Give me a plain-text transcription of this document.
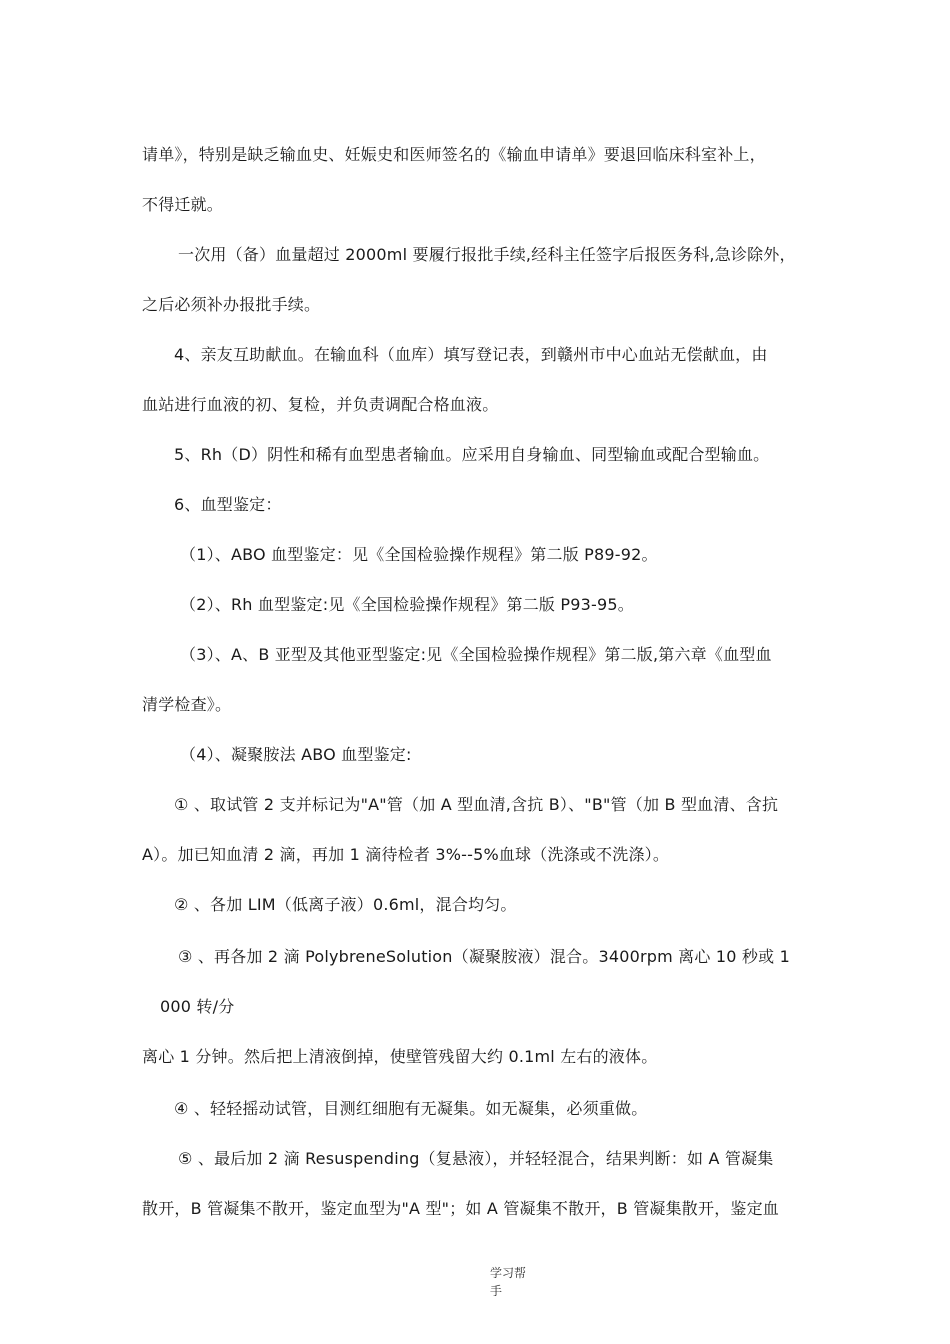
请单》，特别是缺乏输血史、妊娠史和医师签名的《输血申请单》要退回临床科室补上，
不得迁就。
一次用（备）血量超过 2000ml 要履行报批手续,经科主任签字后报医务科,急诊除外，
之后必须补办报批手续。
4、亲友互助献血。在输血科（血库）填写登记表，到赣州市中心血站无偿献血，由
血站进行血液的初、复检，并负责调配合格血液。
5、Rh（D）阴性和稀有血型患者输血。应采用自身输血、同型输血或配合型输血。
6、血型鉴定：
（1）、ABO 血型鉴定：见《全国检验操作规程》第二版 P89-92。
（2）、Rh 血型鉴定:见《全国检验操作规程》第二版 P93-95。
（3）、A、B 亚型及其他亚型鉴定:见《全国检验操作规程》第二版,第六章《血型血
清学检查》。
（4）、凝聚胺法 ABO 血型鉴定:
① 、取试管 2 支并标记为"A"管（加 A 型血清,含抗 B）、"B"管（加 B 型血清、含抗
A）。加已知血清 2 滴，再加 1 滴待检者 3%--5%血球（洗涤或不洗涤）。
② 、各加 LIM（低离子液）0.6ml，混合均匀。
③ 、再各加 2 滴 PolybreneSolution（凝聚胺液）混合。3400rpm 离心 10 秒或 1
000 转/分
离心 1 分钟。然后把上清液倒掉，使壁管残留大约 0.1ml 左右的液体。
④ 、轻轻摇动试管，目测红细胞有无凝集。如无凝集，必须重做。
⑤ 、最后加 2 滴 Resuspending（复悬液），并轻轻混合，结果判断：如 A 管凝集
散开，B 管凝集不散开，鉴定血型为"A 型"；如 A 管凝集不散开，B 管凝集散开，鉴定血
学习帮
手
